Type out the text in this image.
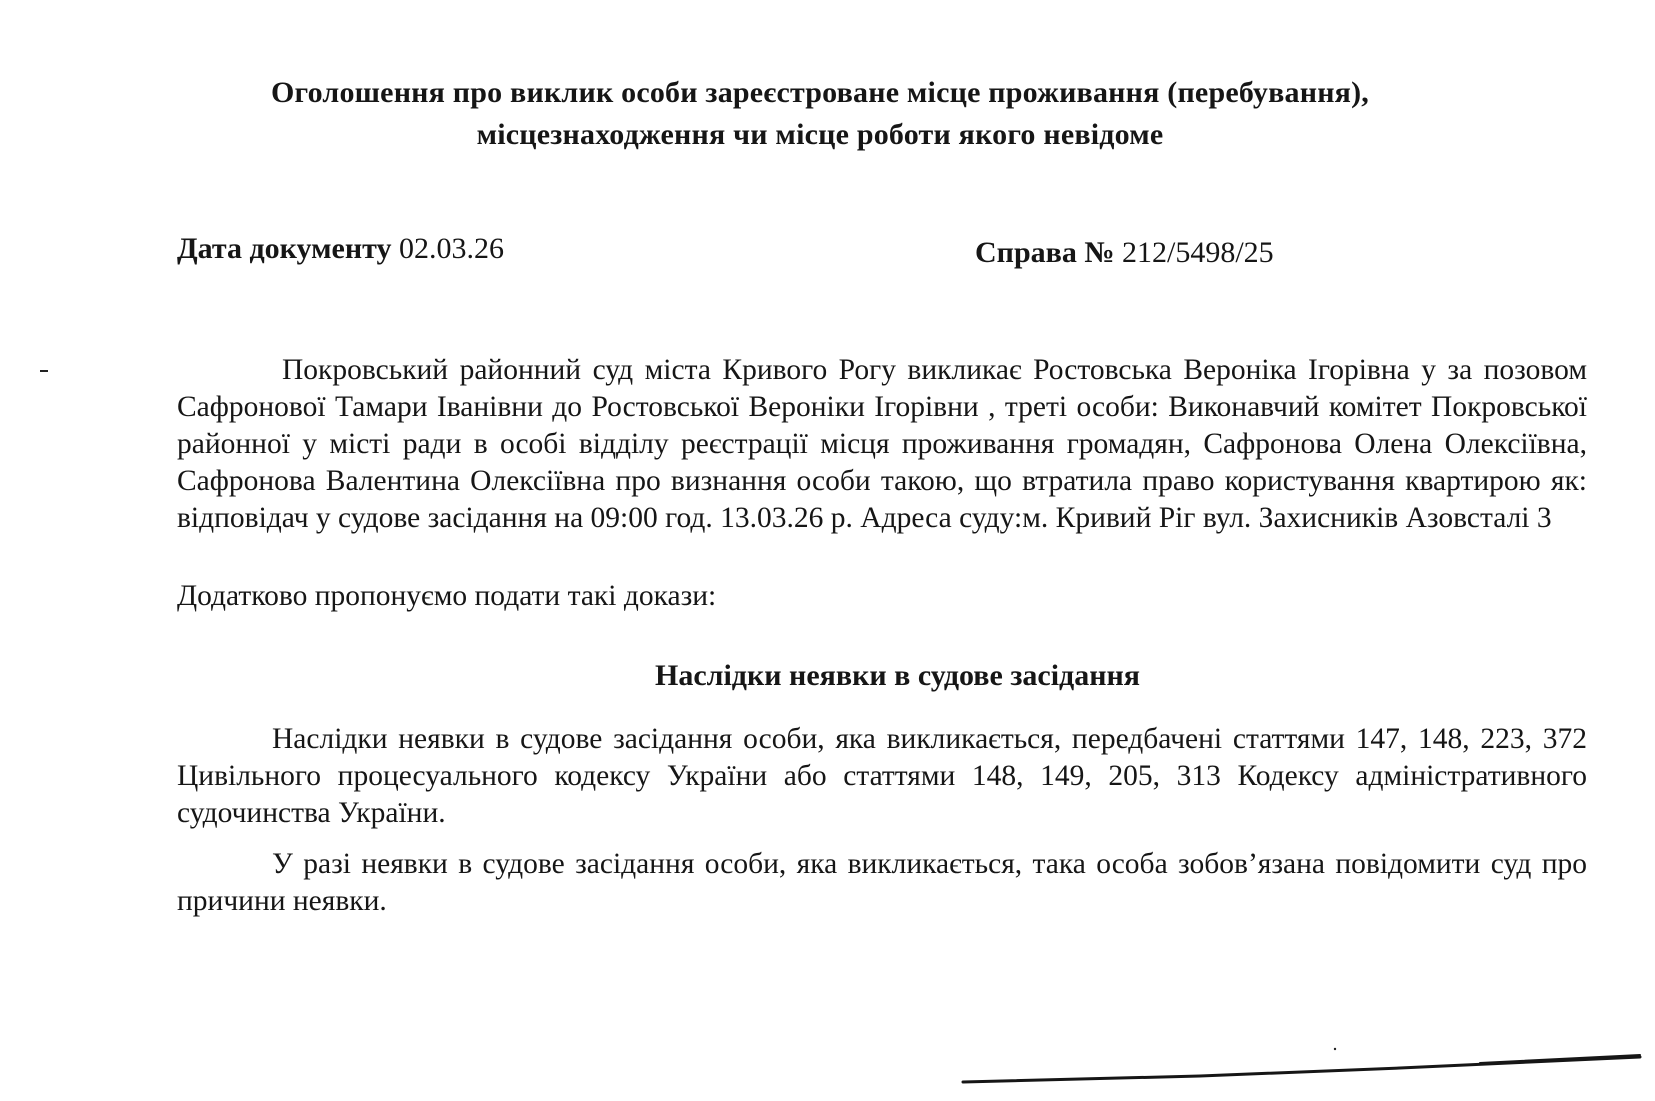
Оголошення про виклик особи зареєстроване місце проживання (перебування),
місцезнаходження чи місце роботи якого невідоме
Дата документу 02.03.26	Справа № 212/5498/25

Покровський районний суд міста Кривого Рогу викликає Ростовська Вероніка Ігорівна у за позовом Сафронової Тамари Іванівни до Ростовської Вероніки Ігорівни , треті особи: Виконавчий комітет Покровської районної у місті ради в особі відділу реєстрації місця проживання громадян, Сафронова Олена Олексіївна, Сафронова Валентина Олексіївна про визнання особи такою, що втратила право користування квартирою як: відповідач у судове засідання на 09:00 год. 13.03.26 р. Адреса суду:м. Кривий Ріг вул. Захисників Азовсталі 3

Додатково пропонуємо подати такі докази:

Наслідки неявки в судове засідання

Наслідки неявки в судове засідання особи, яка викликається, передбачені статтями 147, 148, 223, 372 Цивільного процесуального кодексу України або статтями 148, 149, 205, 313 Кодексу адміністративного судочинства України.

У разі неявки в судове засідання особи, яка викликається, така особа зобов’язана повідомити суд про причини неявки.
